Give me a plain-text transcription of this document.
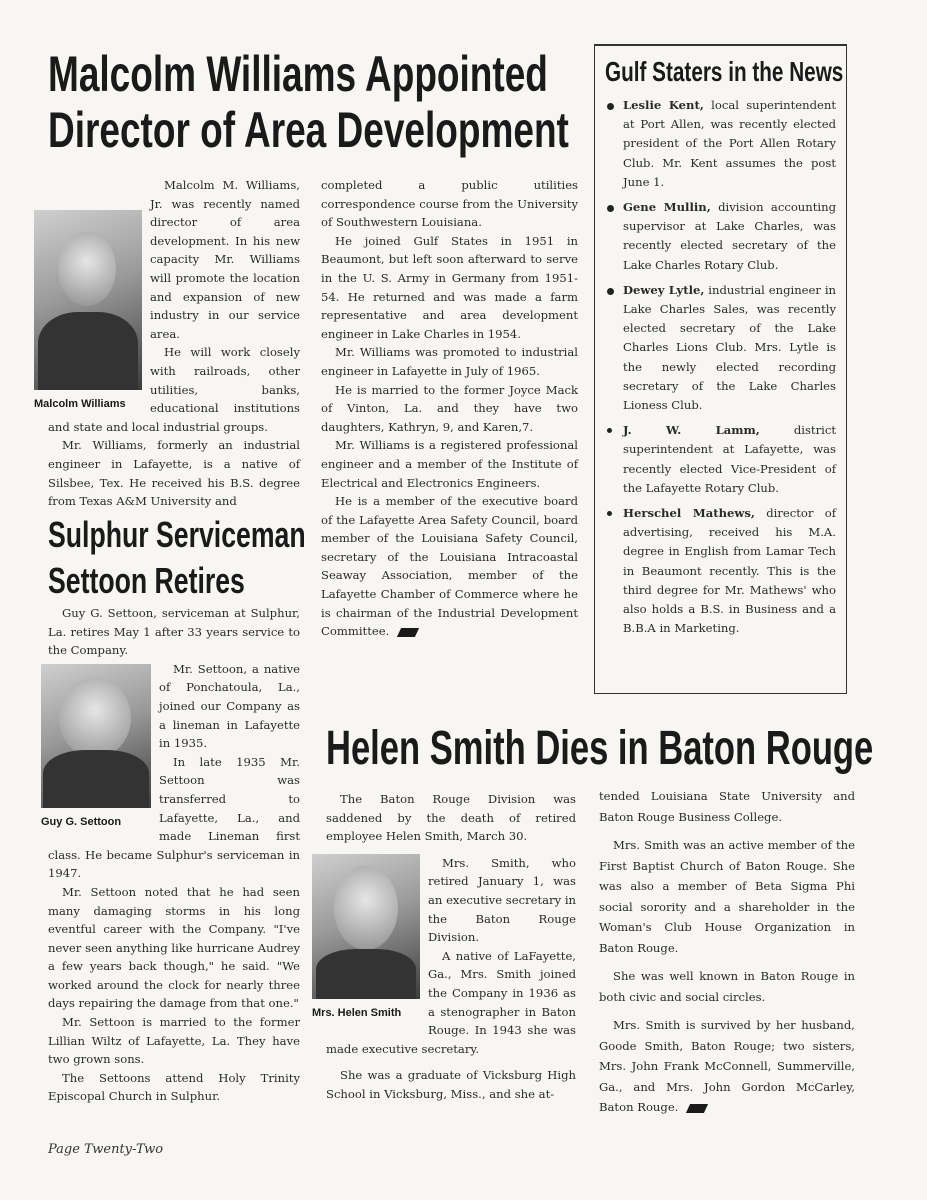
Malcolm Williams Appointed
Director of Area Development

Malcolm Williams
Malcolm M. Williams, Jr. was recently named director of area development. In his new capacity Mr. Williams will promote the location and expansion of new industry in our service area.

He will work closely with railroads, other utilities, banks, educational institutions and state and local industrial groups.

Mr. Williams, formerly an industrial engineer in Lafayette, is a native of Silsbee, Tex. He received his B.S. degree from Texas A&M University and

completed a public utilities correspondence course from the University of Southwestern Louisiana.

He joined Gulf States in 1951 in Beaumont, but left soon afterward to serve in the U. S. Army in Germany from 1951-54. He returned and was made a farm representative and area development engineer in Lake Charles in 1954.

Mr. Williams was promoted to industrial engineer in Lafayette in July of 1965.

He is married to the former Joyce Mack of Vinton, La. and they have two daughters, Kathryn, 9, and Karen,7.

Mr. Williams is a registered professional engineer and a member of the Institute of Electrical and Electronics Engineers.

He is a member of the executive board of the Lafayette Area Safety Council, board member of the Louisiana Safety Council, secretary of the Louisiana Intracoastal Seaway Association, member of the Lafayette Chamber of Commerce where he is chairman of the Industrial Development Committee.

Gulf Staters in the News
Leslie Kent, local superintendent at Port Allen, was recently elected president of the Port Allen Rotary Club. Mr. Kent assumes the post June 1.
Gene Mullin, division accounting supervisor at Lake Charles, was recently elected secretary of the Lake Charles Rotary Club.
Dewey Lytle, industrial engineer in Lake Charles Sales, was recently elected secretary of the Lake Charles Lions Club. Mrs. Lytle is the newly elected recording secretary of the Lake Charles Lioness Club.
J. W. Lamm, district superintendent at Lafayette, was recently elected Vice-President of the Lafayette Rotary Club.
Herschel Mathews, director of advertising, received his M.A. degree in English from Lamar Tech in Beaumont recently. This is the third degree for Mr. Mathews' who also holds a B.S. in Business and a B.B.A in Marketing.
Sulphur Serviceman
Settoon Retires

Guy G. Settoon, serviceman at Sulphur, La. retires May 1 after 33 years service to the Company.

Guy G. Settoon
Mr. Settoon, a native of Ponchatoula, La., joined our Company as a lineman in Lafayette in 1935.

In late 1935 Mr. Settoon was transferred to Lafayette, La., and made Lineman first class. He became Sulphur's serviceman in 1947.

Mr. Settoon noted that he had seen many damaging storms in his long eventful career with the Company. "I've never seen anything like hurricane Audrey a few years back though," he said. "We worked around the clock for nearly three days repairing the damage from that one."

Mr. Settoon is married to the former Lillian Wiltz of Lafayette, La. They have two grown sons.

The Settoons attend Holy Trinity Episcopal Church in Sulphur.

Helen Smith Dies in Baton Rouge

The Baton Rouge Division was saddened by the death of retired employee Helen Smith, March 30.

Mrs. Helen Smith
Mrs. Smith, who retired January 1, was an executive secretary in the Baton Rouge Division.

A native of LaFayette, Ga., Mrs. Smith joined the Company in 1936 as a stenographer in Baton Rouge. In 1943 she was made executive secretary.

She was a graduate of Vicksburg High School in Vicksburg, Miss., and she at-

tended Louisiana State University and Baton Rouge Business College.

Mrs. Smith was an active member of the First Baptist Church of Baton Rouge. She was also a member of Beta Sigma Phi social sorority and a shareholder in the Woman's Club House Organization in Baton Rouge.

She was well known in Baton Rouge in both civic and social circles.

Mrs. Smith is survived by her husband, Goode Smith, Baton Rouge; two sisters, Mrs. John Frank McConnell, Summerville, Ga., and Mrs. John Gordon McCarley, Baton Rouge.

Page Twenty-Two
